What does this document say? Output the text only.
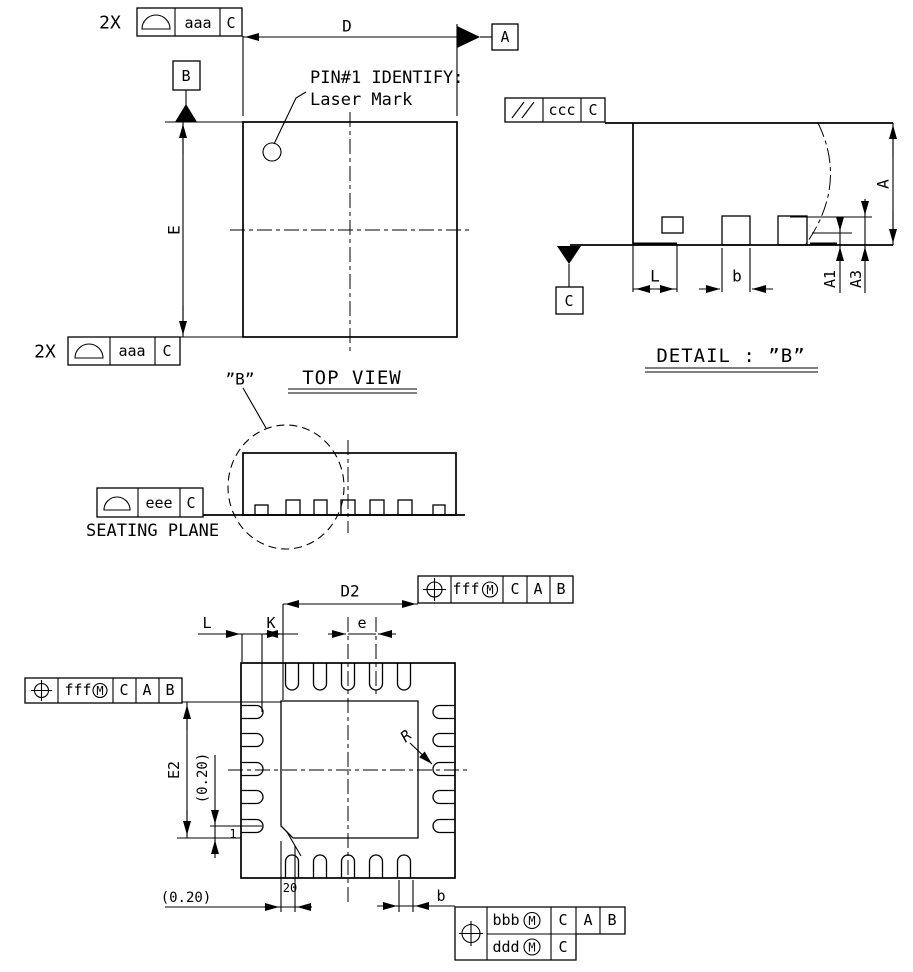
D
A
B
E
2X	aaa C
2X	aaa C
PIN#1 IDENTIFY:
Laser Mark
TOP VIEW
”B”
ccc C
A
A1 A3
L	b
C
DETAIL : ”B”
eee C
SEATING PLANE
D2	fff M C A B
L	K	e
fff M C A B
E2 (0.20)
1
R
(0.20)
20	b
bbb M C A B
ddd M C
